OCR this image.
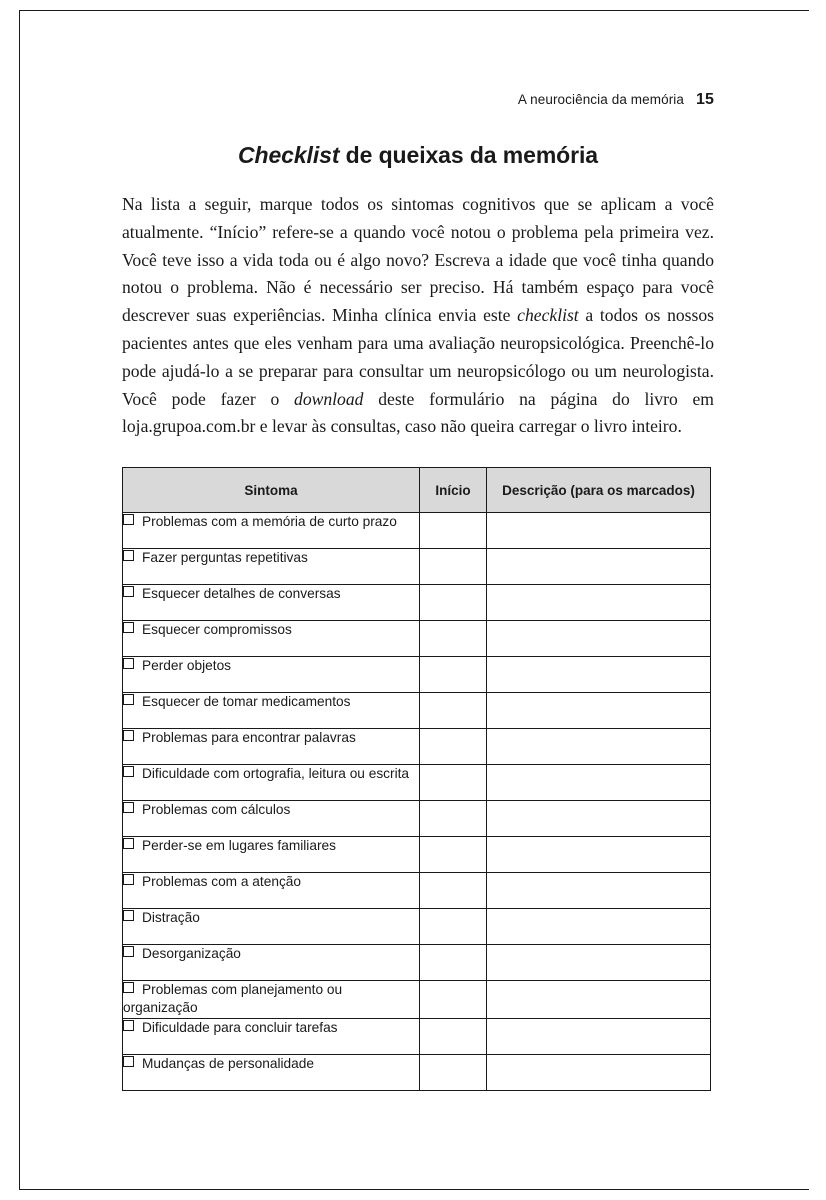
A neurociência da memória 15
Checklist de queixas da memória

Na lista a seguir, marque todos os sintomas cognitivos que se aplicam a você atualmente. “Início” refere-se a quando você notou o problema pela primeira vez. Você teve isso a vida toda ou é algo novo? Escreva a idade que você tinha quando notou o problema. Não é necessário ser preciso. Há também espaço para você descrever suas experiências. Minha clínica envia este checklist a todos os nossos pacientes antes que eles venham para uma avaliação neuropsicológica. Preenchê-lo pode ajudá-lo a se preparar para consultar um neuropsicólogo ou um neurologista. Você pode fazer o download deste formulário na página do livro em loja.grupoa.com.br e levar às consultas, caso não queira carregar o livro inteiro.

Sintoma	Início	Descrição (para os marcados)
Problemas com a memória de curto prazo		
Fazer perguntas repetitivas		
Esquecer detalhes de conversas		
Esquecer compromissos		
Perder objetos		
Esquecer de tomar medicamentos		
Problemas para encontrar palavras		
Dificuldade com ortografia, leitura ou escrita		
Problemas com cálculos		
Perder-se em lugares familiares		
Problemas com a atenção		
Distração		
Desorganização		
Problemas com planejamento ou organização		
Dificuldade para concluir tarefas		
Mudanças de personalidade		
